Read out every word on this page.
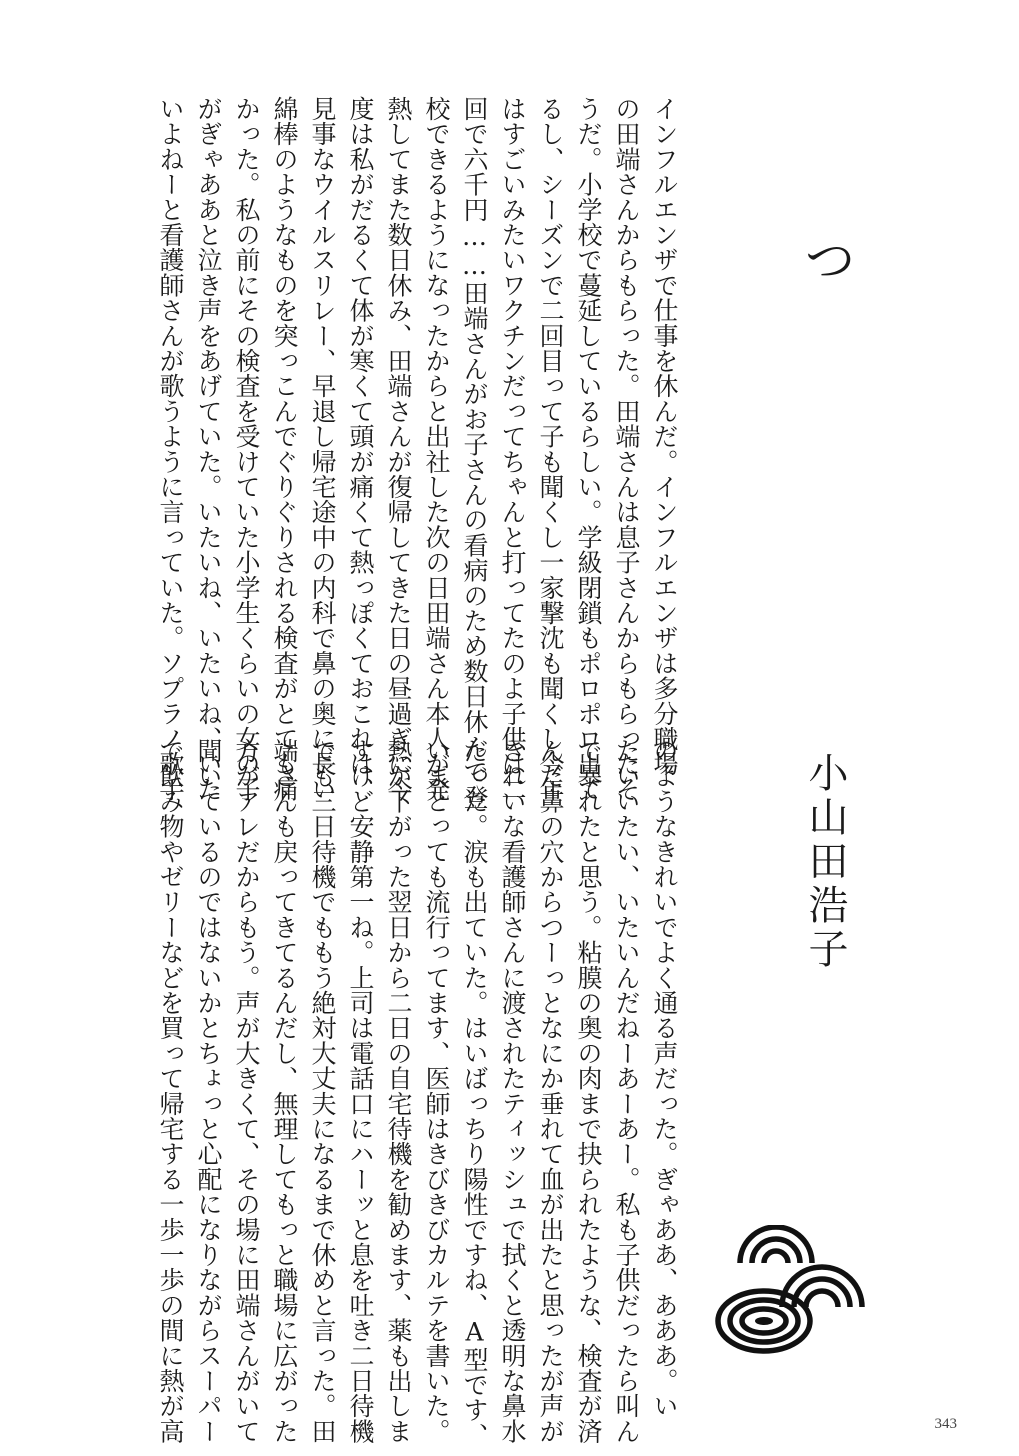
つ
小山田浩子
インフルエンザで仕事を休んだ。インフルエンザは多分職場
の田端さんからもらった。田端さんは息子さんからもらったそ
うだ。小学校で蔓延しているらしい。学級閉鎖もポロポロ出て
るし、シーズンで二回目って子も聞くし一家撃沈も聞くし今年
はすごいみたいワクチンだってちゃんと打ってたのよ子供は二
回で六千円……田端さんがお子さんの看病のため数日休んで登
校できるようになったからと出社した次の日田端さん本人が発
熱してまた数日休み、田端さんが復帰してきた日の昼過ぎに今
度は私がだるくて体が寒くて頭が痛くて熱っぽくておこれは、
見事なウイルスリレー、早退し帰宅途中の内科で鼻の奥に長い
綿棒のようなものを突っこんでぐりぐりされる検査がとても痛
かった。私の前にその検査を受けていた小学生くらいの女の子
がぎゃああと泣き声をあげていた。いたいね、いたいね、いた
いよねーと看護師さんが歌うように言っていた。ソプラノ歌手
のようなきれいでよく通る声だった。ぎゃああ、あああ。い
たいいたい、いたいんだねーあーあー。私も子供だったら叫ん
で暴れたと思う。粘膜の奥の肉まで抉られたような、検査が済
んだ鼻の穴からつーっとなにか垂れて血が出たと思ったが声が
きれいな看護師さんに渡されたティッシュで拭くと透明な鼻水
だった。涙も出ていた。はいばっちり陽性ですね、A型です、
いまとっても流行ってます、医師はきびきびカルテを書いた。
熱が下がった翌日から二日の自宅待機を勧めます、薬も出しま
すけど安静第一ね。上司は電話口にハーッと息を吐き二日待機
でも三日待機でももう絶対大丈夫になるまで休めと言った。田
端さんも戻ってきてるんだし、無理してもっと職場に広がった
方がアレだからもう。声が大きくて、その場に田端さんがいて
聞いているのではないかとちょっと心配になりながらスーパー
で飲み物やゼリーなどを買って帰宅する一歩一歩の間に熱が高	343
